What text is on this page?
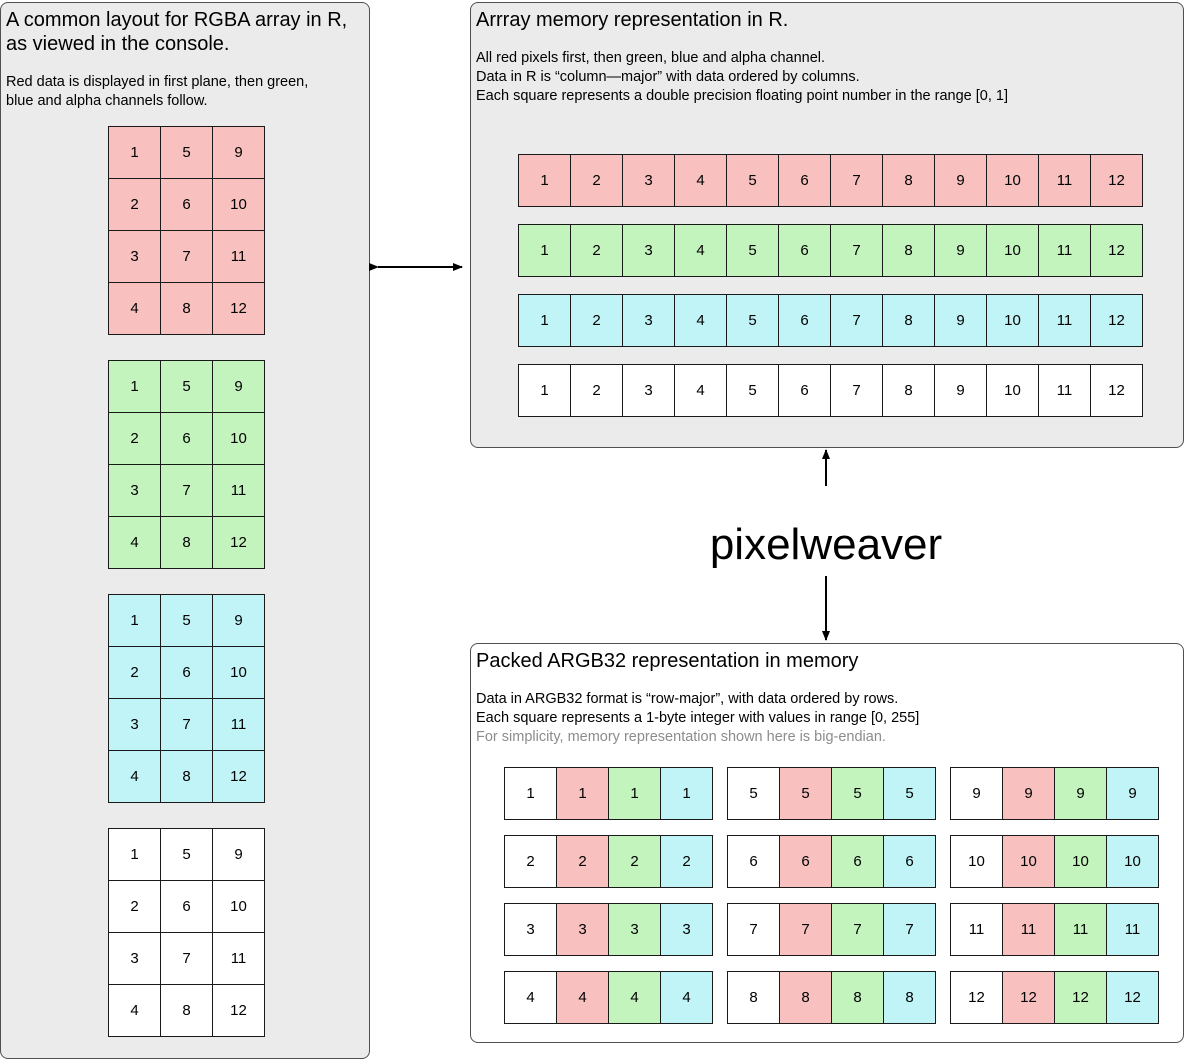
A common layout for RGBA array in R,
as viewed in the console.
Red data is displayed in first plane, then green,
blue and alpha channels follow.
1	5	9
2	6	10
3	7	11
4	8	12
1	5	9
2	6	10
3	7	11
4	8	12
1	5	9
2	6	10
3	7	11
4	8	12
1	5	9
2	6	10
3	7	11
4	8	12
Arrray memory representation in R.
All red pixels first, then green, blue and alpha channel.
Data in R is “column—major” with data ordered by columns.
Each square represents a double precision floating point number in the range [0, 1]
1	2	3	4	5	6	7	8	9	10	11	12
1	2	3	4	5	6	7	8	9	10	11	12
1	2	3	4	5	6	7	8	9	10	11	12
1	2	3	4	5	6	7	8	9	10	11	12
Packed ARGB32 representation in memory
Data in ARGB32 format is “row-major”, with data ordered by rows.
Each square represents a 1-byte integer with values in range [0, 255]
For simplicity, memory representation shown here is big-endian.
1	1	1	1	5	5	5	5	9	9	9	9
2	2	2	2	6	6	6	6	10	10	10	10
3	3	3	3	7	7	7	7	11	11	11	11
4	4	4	4	8	8	8	8	12	12	12	12
pixelweaver
